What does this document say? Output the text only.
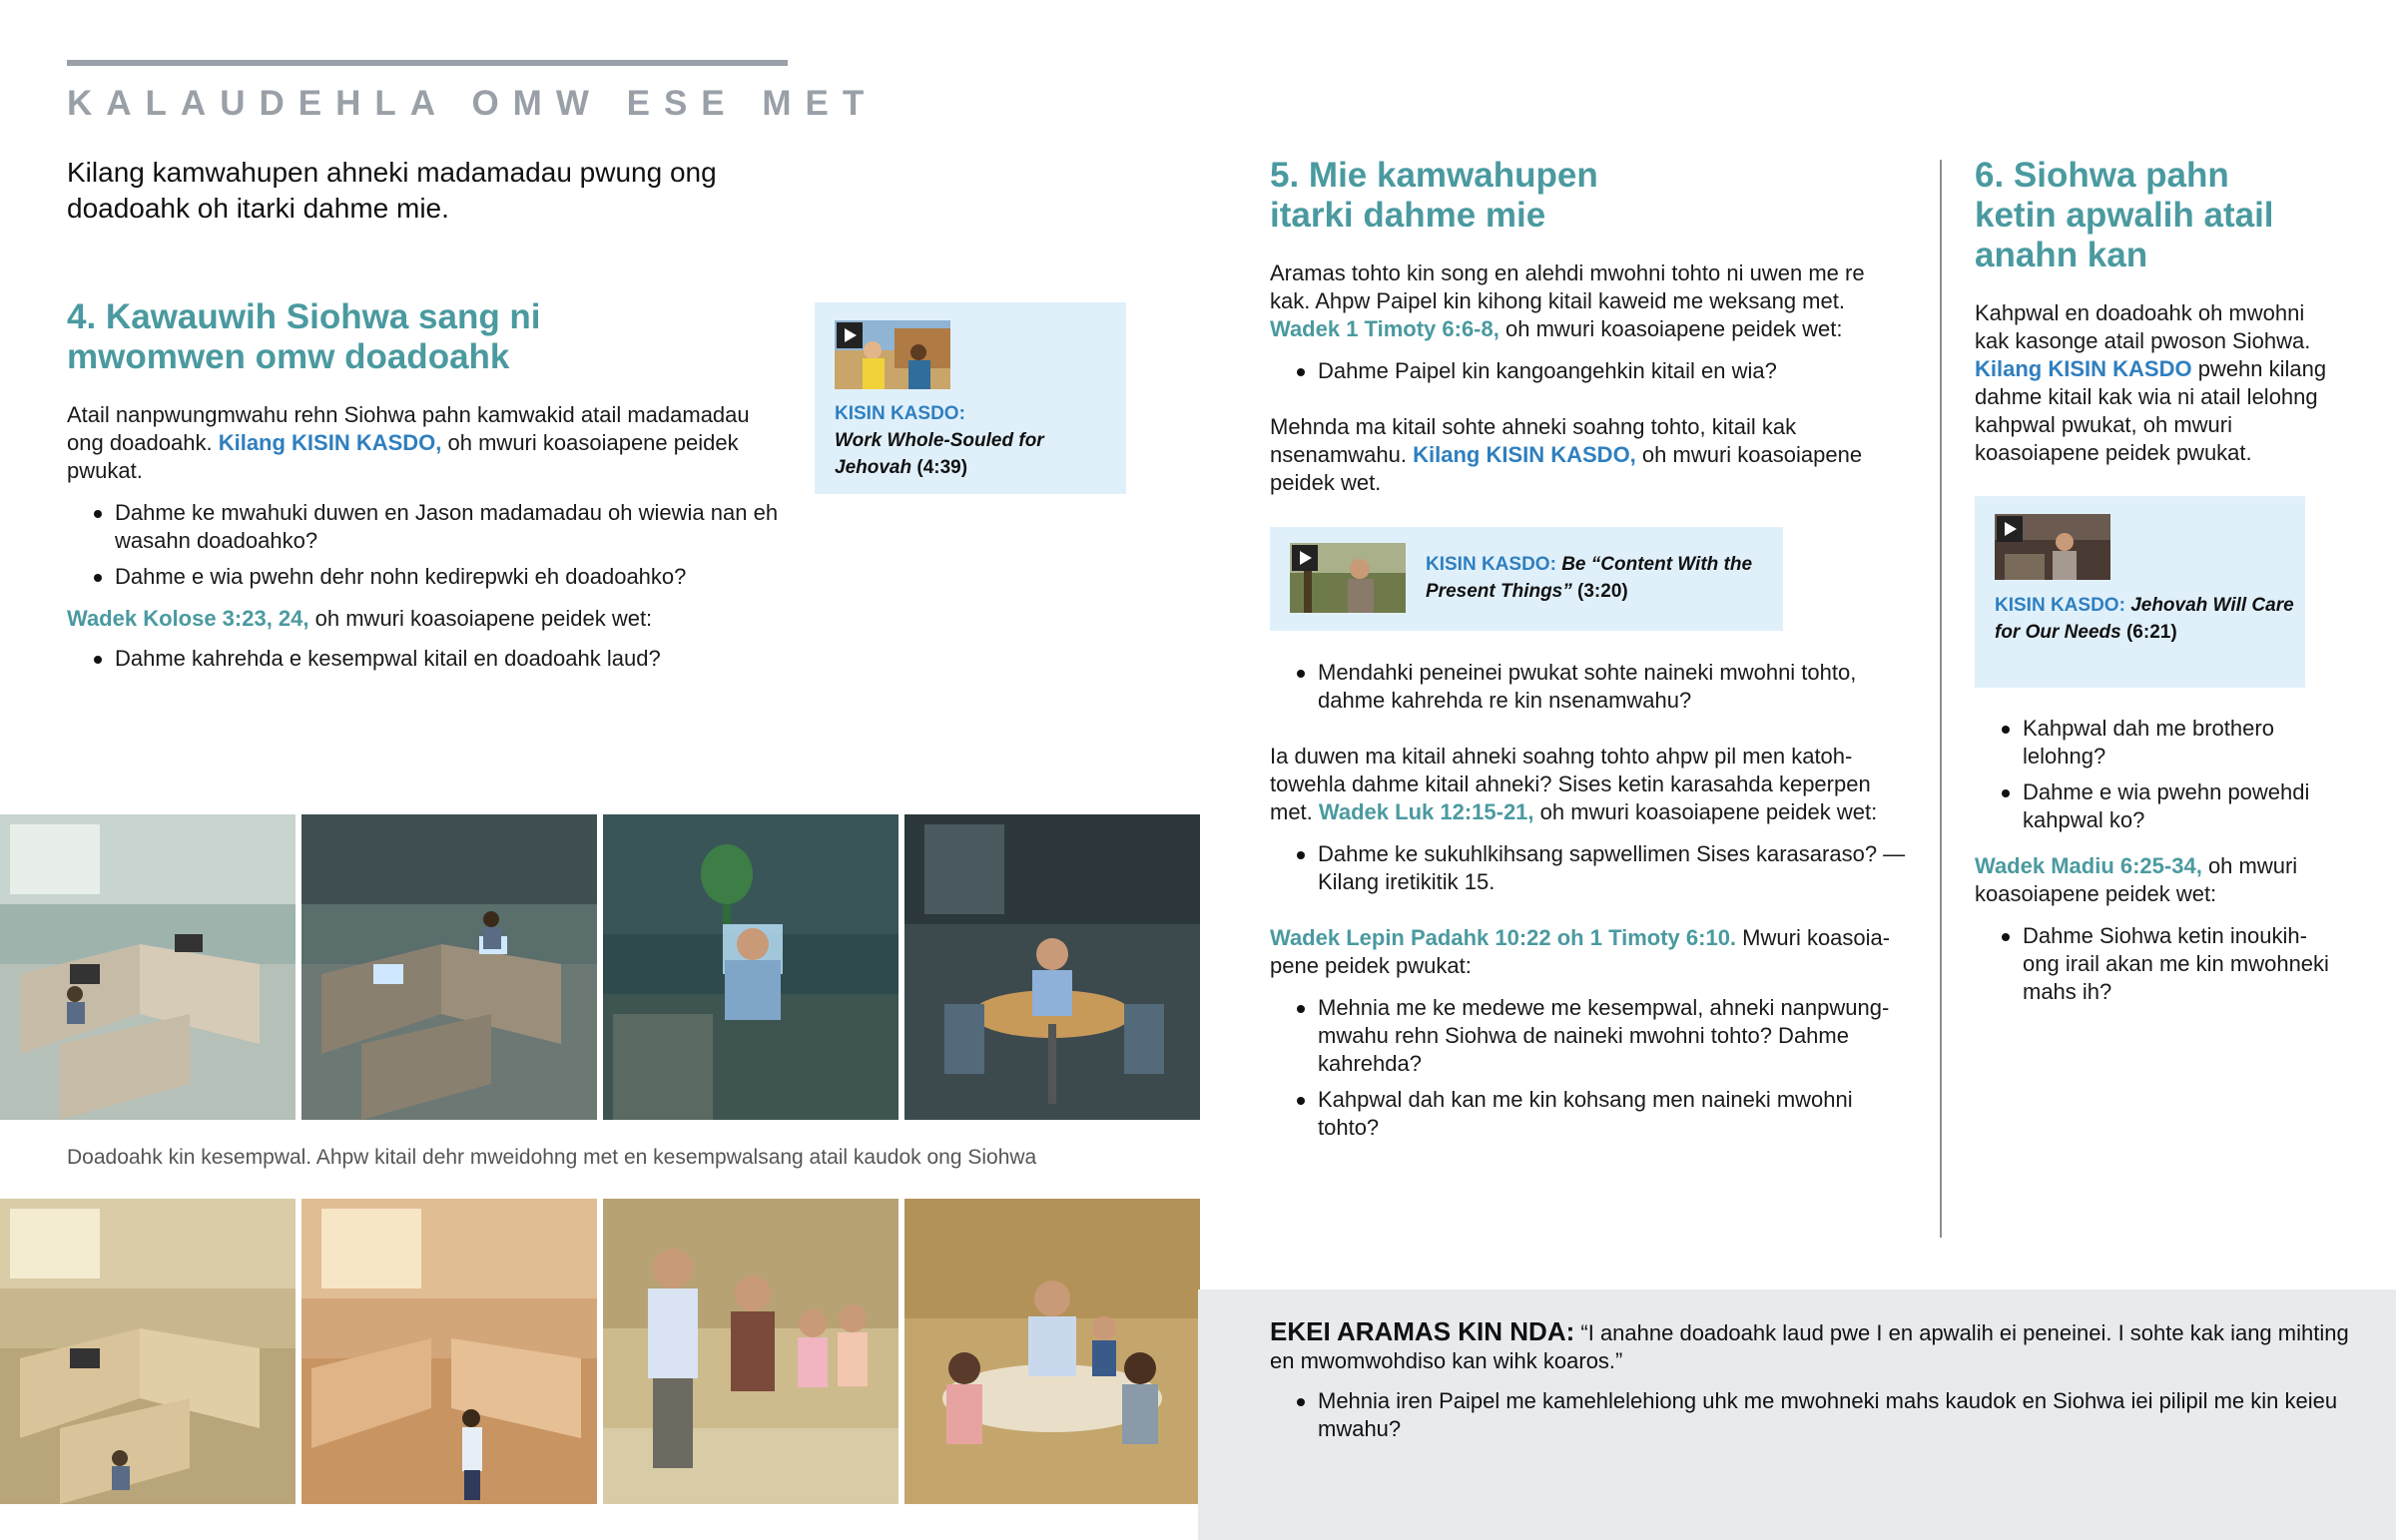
KALAUDEHLA OMW ESE MET
Kilang kamwahupen ahneki madamadau pwung ong doadoahk oh itarki dahme mie.
4. Kawauwih Siohwa sang ni
mwomwen omw doadoahk

Atail nanpwungmwahu rehn Siohwa pahn kamwakid atail madamadau ong doadoahk. Kilang KISIN KASDO, oh mwuri koasoiapene peidek pwukat.

Dahme ke mwahuki duwen en Jason madamadau oh wiewia nan eh wasahn doadoahko?
Dahme e wia pwehn dehr nohn kedirepwki eh doadoahko?

Wadek Kolose 3:23, 24, oh mwuri koasoiapene peidek wet:

Dahme kahrehda e kesempwal kitail en doadoahk laud?
KISIN KASDO:
Work Whole-Souled for Jehovah (4:39)
Doadoahk kin kesempwal. Ahpw kitail dehr mweidohng met en kesempwalsang atail kaudok ong Siohwa
5. Mie kamwahupen
itarki dahme mie

Aramas tohto kin song en alehdi mwohni tohto ni uwen me re kak. Ahpw Paipel kin kihong kitail kaweid me weksang met. Wadek 1 Timoty 6:6-8, oh mwuri koasoiapene peidek wet:

Dahme Paipel kin kangoangehkin kitail en wia?

Mehnda ma kitail sohte ahneki soahng tohto, kitail kak nsenamwahu. Kilang KISIN KASDO, oh mwuri koasoiapene peidek wet.

KISIN KASDO: Be “Content With the Present Things” (3:20)
Mendahki peneinei pwukat sohte naineki mwohni tohto, dahme kahrehda re kin nsenamwahu?

Ia duwen ma kitail ahneki soahng tohto ahpw pil men katohtowehla dahme kitail ahneki? Sises ketin karasahda keperpen met. Wadek Luk 12:15-21, oh mwuri koasoiapene peidek wet:

Dahme ke sukuhlkihsang sapwellimen Sises karasaraso? —Kilang iretikitik 15.

Wadek Lepin Padahk 10:22 oh 1 Timoty 6:10. Mwuri koasoiapene peidek pwukat:

Mehnia me ke medewe me kesempwal, ahneki nanpwungmwahu rehn Siohwa de naineki mwohni tohto? Dahme kahrehda?
Kahpwal dah kan me kin kohsang men naineki mwohni tohto?
6. Siohwa pahn
ketin apwalih atail
anahn kan

Kahpwal en doadoahk oh mwohni kak kasonge atail pwoson Siohwa. Kilang KISIN KASDO pwehn kilang dahme kitail kak wia ni atail lelohng kahpwal pwukat, oh mwuri koasoiapene peidek pwukat.

KISIN KASDO: Jehovah Will Care for Our Needs (6:21)
Kahpwal dah me brothero lelohng?
Dahme e wia pwehn powehdi kahpwal ko?

Wadek Madiu 6:25-34, oh mwuri koasoiapene peidek wet:

Dahme Siohwa ketin inoukihong irail akan me kin mwohneki mahs ih?

EKEI ARAMAS KIN NDA: “I anahne doadoahk laud pwe I en apwalih ei peneinei. I sohte kak iang mihting en mwomwohdiso kan wihk koaros.”

Mehnia iren Paipel me kamehlelehiong uhk me mwohneki mahs kaudok en Siohwa iei pilipil me kin keieu mwahu?
